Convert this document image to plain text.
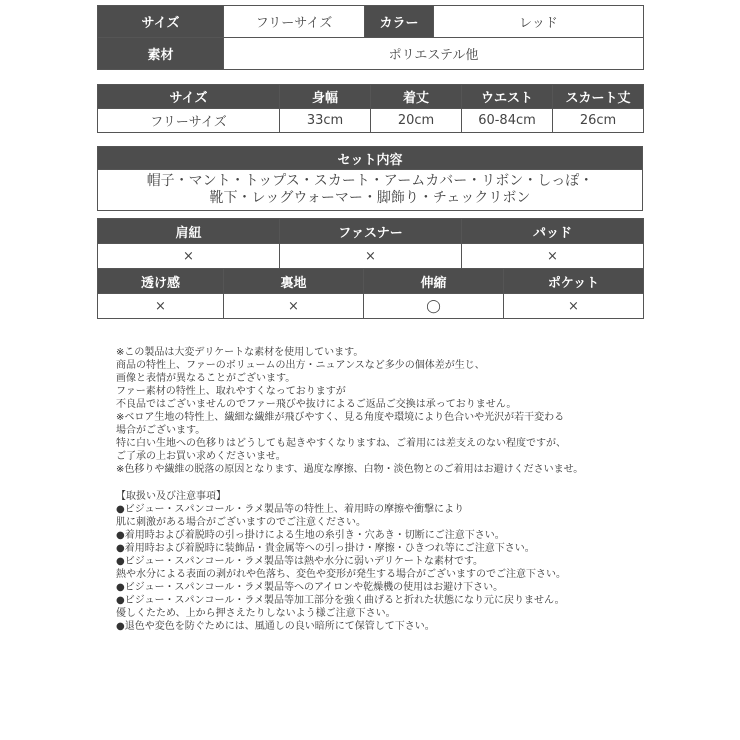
サイズ	フリーサイズ	カラー	レッド
素材	ポリエステル他		
サイズ	身幅	着丈	ウエスト	スカート丈
フリーサイズ	33cm	20cm	60-84cm	26cm
セット内容

帽子・マント・トップス・スカート・アームカバー・リボン・しっぽ・
靴下・レッグウォーマー・脚飾り・チェックリボン
肩紐	ファスナー	パッド
×	×	×
透け感	裏地	伸縮	ポケット
×	×	◯	×
※この製品は大変デリケートな素材を使用しています。
商品の特性上、ファーのボリュームの出方・ニュアンスなど多少の個体差が生じ、
画像と表情が異なることがございます。
ファー素材の特性上、取れやすくなっておりますが
不良品ではございませんのでファー飛びや抜けによるご返品ご交換は承っておりません。
※ベロア生地の特性上、繊細な繊維が飛びやすく、見る角度や環境により色合いや光沢が若干変わる
場合がございます。
特に白い生地への色移りはどうしても起きやすくなりますね、ご着用には差支えのない程度ですが、
ご了承の上お買い求めくださいませ。
※色移りや繊維の脱落の原因となります、過度な摩擦、白物・淡色物とのご着用はお避けくださいませ。
【取扱い及び注意事項】
●ビジュー・スパンコール・ラメ製品等の特性上、着用時の摩擦や衝撃により
肌に刺激がある場合がございますのでご注意ください。
●着用時および着脱時の引っ掛けによる生地の糸引き・穴あき・切断にご注意下さい。
●着用時および着脱時に装飾品・貴金属等への引っ掛け・摩擦・ひきつれ等にご注意下さい。
●ビジュー・スパンコール・ラメ製品等は熱や水分に弱いデリケートな素材です。
熱や水分による表面の剥がれや色落ち、変色や変形が発生する場合がございますのでご注意下さい。
●ビジュー・スパンコール・ラメ製品等へのアイロンや乾燥機の使用はお避け下さい。
●ビジュー・スパンコール・ラメ製品等加工部分を強く曲げると折れた状態になり元に戻りません。
優しくたため、上から押さえたりしないよう様ご注意下さい。
●退色や変色を防ぐためには、風通しの良い暗所にて保管して下さい。
